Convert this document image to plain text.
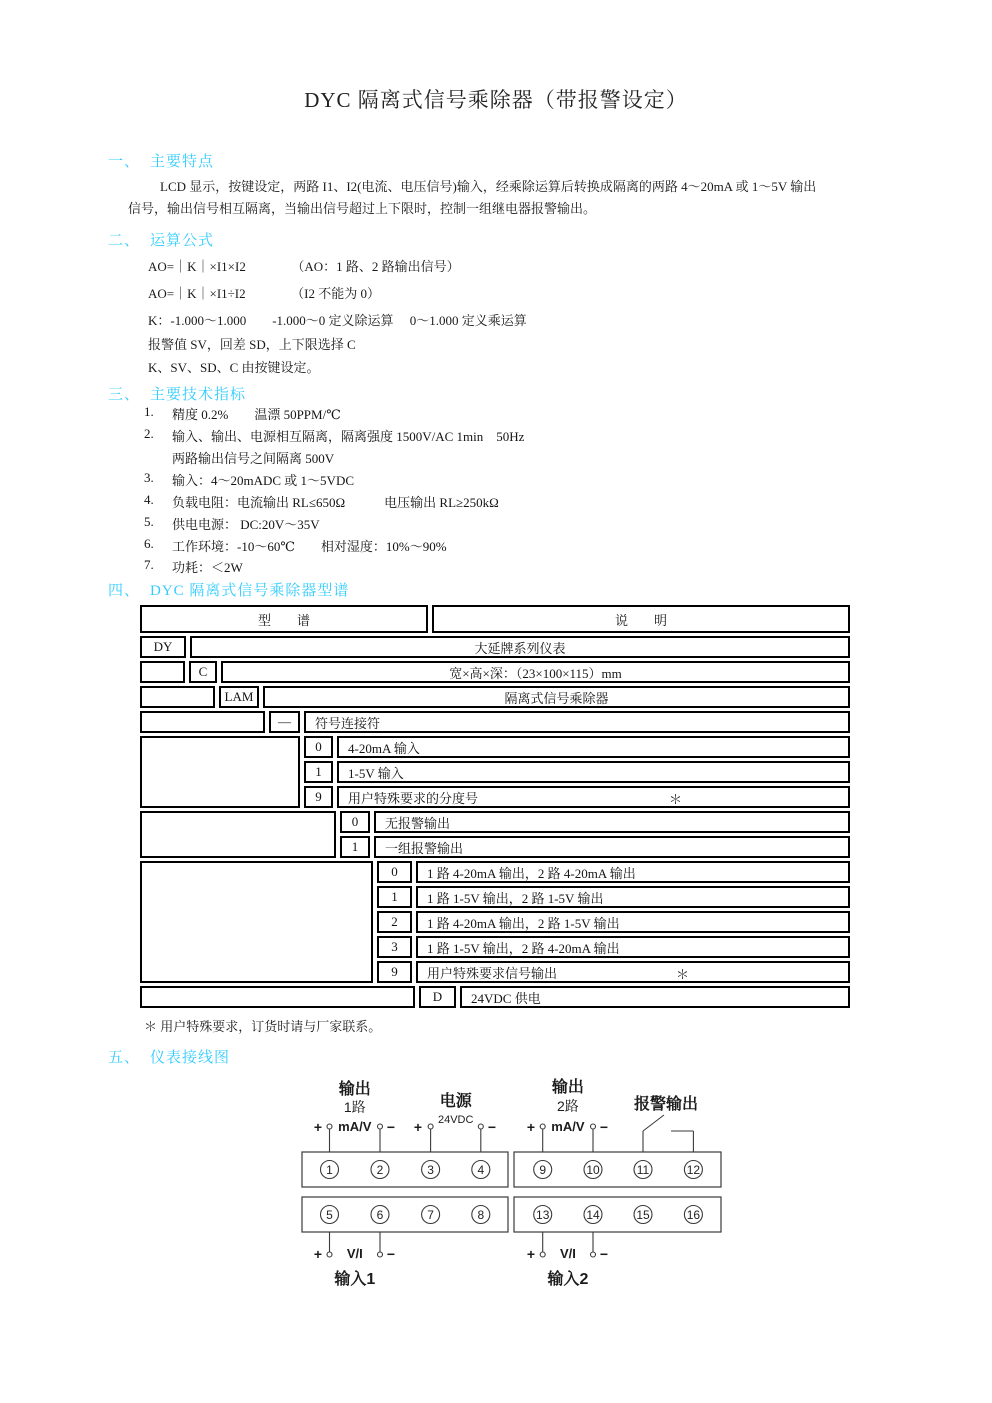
DYC 隔离式信号乘除器（带报警设定）
一、 主要特点
LCD 显示，按键设定，两路 I1、I2(电流、电压信号)输入，经乘除运算后转换成隔离的两路 4～20mA 或 1～5V 输出
信号，输出信号相互隔离，当输出信号超过上下限时，控制一组继电器报警输出。
二、 运算公式
AO=｜K｜×I1×I2　　　　（AO：1 路、2 路输出信号）
AO=｜K｜×I1÷I2　　　　（I2 不能为 0）
K：-1.000～1.000　　-1.000～0 定义除运算　 0～1.000 定义乘运算
报警值 SV，回差 SD，上下限选择 C
K、SV、SD、C 由按键设定。
三、 主要技术指标
1.	精度 0.2%　　温漂 50PPM/℃
2.	输入、输出、电源相互隔离，隔离强度 1500V/AC 1min　50Hz
两路输出信号之间隔离 500V
3.	输入：4～20mADC 或 1～5VDC
4.	负载电阻：电流输出 RL≤650Ω　　　电压输出 RL≥250kΩ
5.	供电电源： DC:20V～35V
6.	工作环境：-10～60℃　　相对湿度：10%～90%
7.	功耗：＜2W
四、 DYC 隔离式信号乘除器型谱
型　　谱	说　　明
DY	大延牌系列仪表
C	宽×高×深：（23×100×115）mm
LAM	隔离式信号乘除器
—	符号连接符
0	4-20mA 输入
1	1-5V 输入
9	用户特殊要求的分度号	＊
0	无报警输出
1	一组报警输出
0	1 路 4-20mA 输出，2 路 4-20mA 输出
1	1 路 1-5V 输出，2 路 1-5V 输出
2	1 路 4-20mA 输出，2 路 1-5V 输出
3	1 路 1-5V 输出，2 路 4-20mA 输出
9	用户特殊要求信号输出	＊
D	24VDC 供电
＊ 用户特殊要求，订货时请与厂家联系。
五、 仪表接线图
1	2	3	4	9	10	11	12
5	6	7	8	13	14	15	16
输出
1路
+ mA/V −
电源
+ 24VDC −
输出
2路
+ mA/V −
报警输出
+ V/I −
输入1
+ V/I −
输入2
